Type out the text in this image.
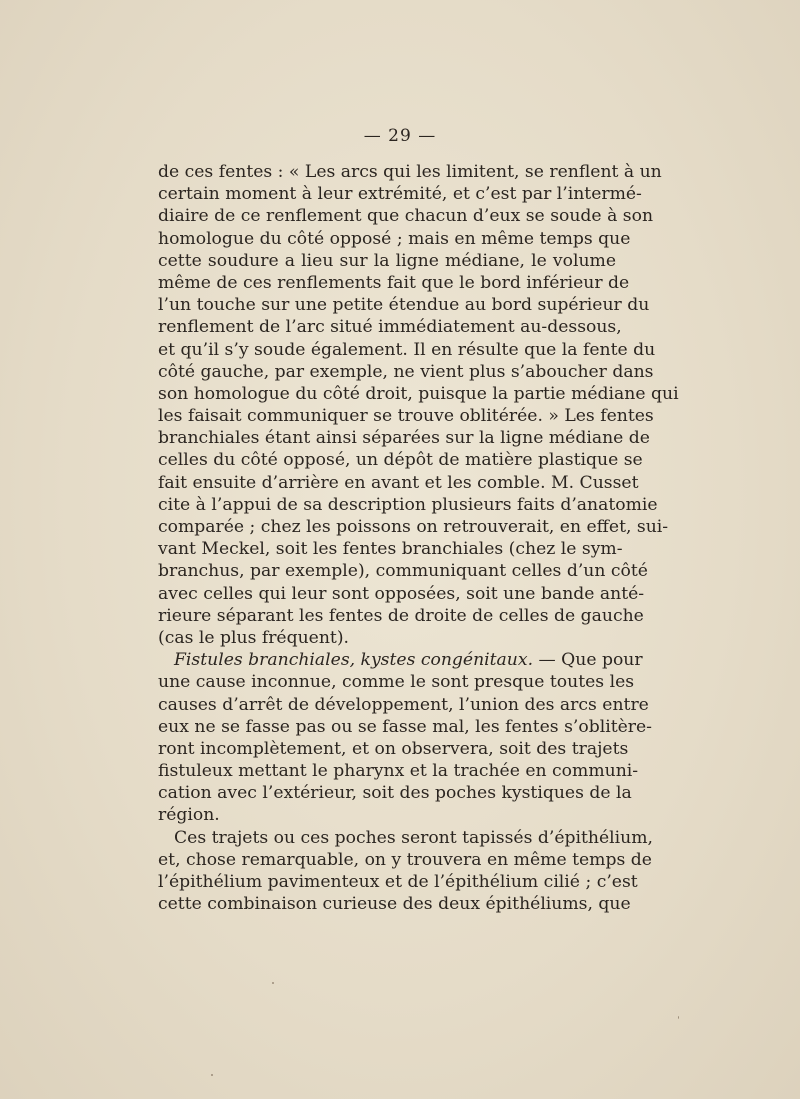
— 29 —
de ces fentes : « Les arcs qui les limitent, se renflent à un
certain moment à leur extrémité, et c’est par l’intermé-
diaire de ce renflement que chacun d’eux se soude à son
homologue du côté opposé ; mais en même temps que
cette soudure a lieu sur la ligne médiane, le volume
même de ces renflements fait que le bord inférieur de
l’un touche sur une petite étendue au bord supérieur du
renflement de l’arc situé immédiatement au-dessous,
et qu’il s’y soude également. Il en résulte que la fente du
côté gauche, par exemple, ne vient plus s’aboucher dans
son homologue du côté droit, puisque la partie médiane qui
les faisait communiquer se trouve oblitérée. » Les fentes
branchiales étant ainsi séparées sur la ligne médiane de
celles du côté opposé, un dépôt de matière plastique se
fait ensuite d’arrière en avant et les comble. M. Cusset
cite à l’appui de sa description plusieurs faits d’anatomie
comparée ; chez les poissons on retrouverait, en effet, sui-
vant Meckel, soit les fentes branchiales (chez le sym-
branchus, par exemple), communiquant celles d’un côté
avec celles qui leur sont opposées, soit une bande anté-
rieure séparant les fentes de droite de celles de gauche
(cas le plus fréquent).
Fistules branchiales, kystes congénitaux. — Que pour
une cause inconnue, comme le sont presque toutes les
causes d’arrêt de développement, l’union des arcs entre
eux ne se fasse pas ou se fasse mal, les fentes s’oblitère-
ront incomplètement, et on observera, soit des trajets
fistuleux mettant le pharynx et la trachée en communi-
cation avec l’extérieur, soit des poches kystiques de la
région.
Ces trajets ou ces poches seront tapissés d’épithélium,
et, chose remarquable, on y trouvera en même temps de
l’épithélium pavimenteux et de l’épithélium cilié ; c’est
cette combinaison curieuse des deux épithéliums, que
